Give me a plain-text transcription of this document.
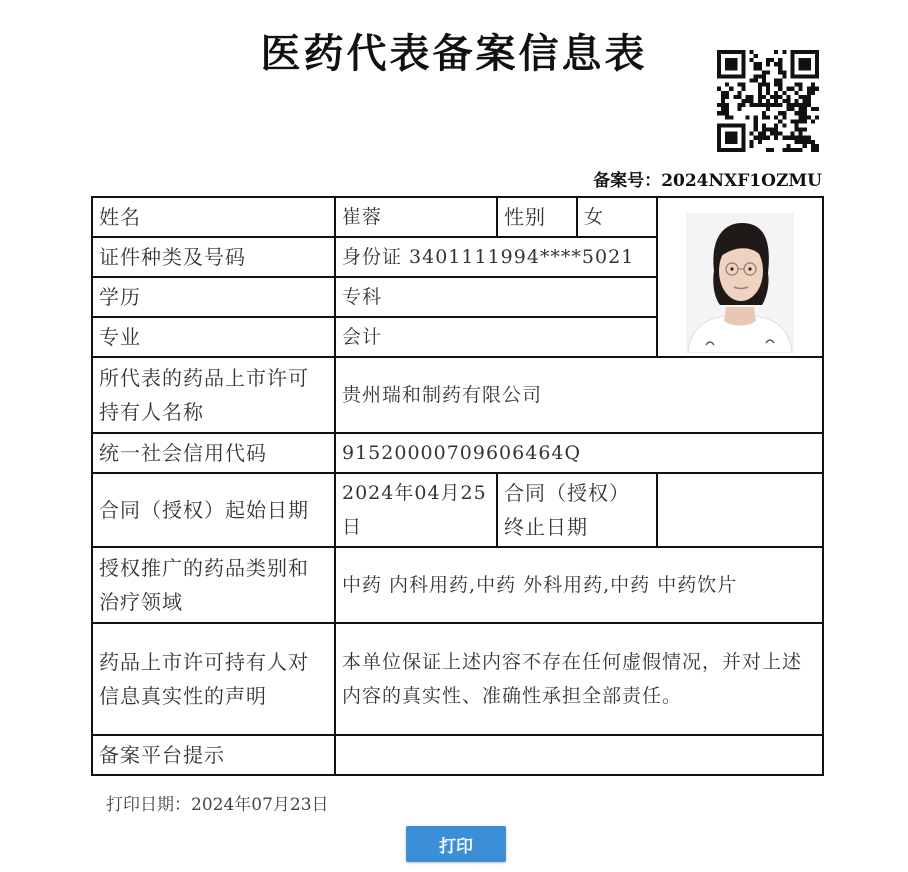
医药代表备案信息表
备案号：2024NXF1OZMU
姓名	崔蓉	性别	女	

证件种类及号码	身份证 3401111994****5021			
学历	专科			
专业	会计			
所代表的药品上市许可持有人名称	贵州瑞和制药有限公司			
统一社会信用代码	91520000709606464Q			
合同（授权）起始日期	2024年04月25日	合同（授权）终止日期		
授权推广的药品类别和治疗领域	中药 内科用药,中药 外科用药,中药 中药饮片			
药品上市许可持有人对信息真实性的声明	本单位保证上述内容不存在任何虚假情况，并对上述内容的真实性、准确性承担全部责任。			
备案平台提示				
打印日期：2024年07月23日
打印
